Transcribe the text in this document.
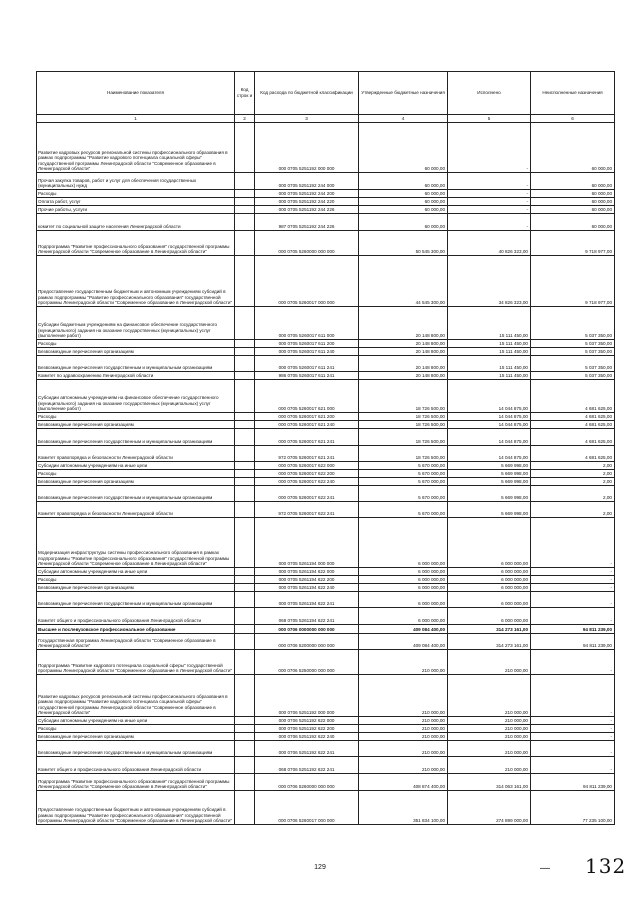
Наименование показателя	Код строк и	Код расхода по бюджетной классификации	Утвержденные бюджетные назначения	Исполнено	Неисполненные назначения
1	2	3	4	5	6
Развитие кадровых ресурсов региональной системы профессионального образования в рамках подпрограммы "Развитие кадрового потенциала социальной сферы" государственной программы Ленинградской области "Современное образование в Ленинградской области"		000 0705 5251192 000 000	60 000,00	-	60 000,00
Прочая закупка товаров, работ и услуг для обеспечения государственных (муниципальных) нужд		000 0705 5251192 244 000	60 000,00	-	60 000,00
Расходы		000 0705 5251192 244 200	60 000,00	-	60 000,00
Оплата работ, услуг		000 0705 5251192 244 220	60 000,00	-	60 000,00
Прочие работы, услуги		000 0705 5251192 244 226	60 000,00	-	60 000,00
комитет по социальной защите населения Ленинградской области		987 0705 5251192 244 226	60 000,00	-	60 000,00
Подпрограмма "Развитие профессионального образования" государственной программы Ленинградской области "Современное образование в Ленинградской области"		000 0705 5260000 000 000	50 545 300,00	40 826 323,00	9 718 977,00
Предоставление государственным бюджетным и автономным учреждениям субсидий в рамках подпрограммы "Развитие профессионального образования" государственной программы Ленинградской области "Современное образование в Ленинградской области"		000 0705 5260017 000 000	44 545 300,00	34 826 323,00	9 718 977,00
Субсидии бюджетным учреждениям на финансовое обеспечение государственного (муниципального) задания на оказание государственных (муниципальных) услуг (выполнение работ)		000 0705 5260017 611 000	20 148 800,00	15 111 450,00	5 037 350,00
Расходы		000 0705 5260017 611 200	20 148 800,00	15 111 450,00	5 037 350,00
Безвозмездные перечисления организациям		000 0705 5260017 611 240	20 148 800,00	15 111 450,00	5 037 350,00
Безвозмездные перечисления государственным и муниципальным организациям		000 0705 5260017 611 241	20 148 800,00	15 111 450,00	5 037 350,00
Комитет по здравоохранению Ленинградской области		986 0705 5260017 611 241	20 148 800,00	15 111 450,00	5 037 350,00
Субсидии автономным учреждениям на финансовое обеспечение государственного (муниципального) задания на оказание государственных (муниципальных) услуг (выполнение работ)		000 0705 5260017 621 000	18 726 500,00	14 044 875,00	4 681 625,00
Расходы		000 0705 5260017 621 200	18 726 500,00	14 044 875,00	4 681 625,00
Безвозмездные перечисления организациям		000 0705 5260017 621 240	18 726 500,00	14 044 875,00	4 681 625,00
Безвозмездные перечисления государственным и муниципальным организациям		000 0705 5260017 621 241	18 726 500,00	14 044 875,00	4 681 625,00
Комитет правопорядка и безопасности Ленинградской области		972 0705 5260017 621 241	18 726 500,00	14 044 875,00	4 681 625,00
Субсидии автономным учреждениям на иные цели		000 0705 5260017 622 000	5 670 000,00	5 669 998,00	2,00
Расходы		000 0705 5260017 622 200	5 670 000,00	5 669 998,00	2,00
Безвозмездные перечисления организациям		000 0705 5260017 622 240	5 670 000,00	5 669 998,00	2,00
Безвозмездные перечисления государственным и муниципальным организациям		000 0705 5260017 622 241	5 670 000,00	5 669 998,00	2,00
Комитет правопорядка и безопасности Ленинградской области		972 0705 5260017 622 241	5 670 000,00	5 669 998,00	2,00
Модернизация инфраструктуры системы профессионального образования в рамках подпрограммы "Развитие профессионального образования" государственной программы Ленинградской области "Современное образование в Ленинградской области"		000 0705 5261194 000 000	6 000 000,00	6 000 000,00	-
Субсидии автономным учреждениям на иные цели		000 0705 5261194 622 000	6 000 000,00	6 000 000,00	-
Расходы		000 0705 5261194 622 200	6 000 000,00	6 000 000,00	-
Безвозмездные перечисления организациям		000 0705 5261194 622 240	6 000 000,00	6 000 000,00	-
Безвозмездные перечисления государственным и муниципальным организациям		000 0705 5261194 622 241	6 000 000,00	6 000 000,00	-
Комитет общего и профессионального образования Ленинградской области		068 0705 5261194 622 241	6 000 000,00	6 000 000,00	-
Высшее и послевузовское профессиональное образование		000 0706 0000000 000 000	409 084 400,00	314 273 161,00	94 811 239,00
Государственная программа Ленинградской области "Современное образование в Ленинградской области"		000 0706 5200000 000 000	409 084 400,00	314 273 161,00	94 811 239,00
Подпрограмма "Развитие кадрового потенциала социальной сферы" государственной программы Ленинградской области "Современное образование в Ленинградской области"		000 0706 5250000 000 000	210 000,00	210 000,00	-
Развитие кадровых ресурсов региональной системы профессионального образования в рамках подпрограммы "Развитие кадрового потенциала социальной сферы" государственной программы Ленинградской области "Современное образование в Ленинградской области"		000 0706 5251192 000 000	210 000,00	210 000,00	-
Субсидии автономным учреждениям на иные цели		000 0706 5251192 622 000	210 000,00	210 000,00	-
Расходы		000 0706 5251192 622 200	210 000,00	210 000,00	-
Безвозмездные перечисления организациям		000 0706 5251192 622 240	210 000,00	210 000,00	-
Безвозмездные перечисления государственным и муниципальным организациям		000 0706 5251192 622 241	210 000,00	210 000,00	-
Комитет общего и профессионального образования Ленинградской области		068 0706 5251192 622 241	210 000,00	210 000,00	-
Подпрограмма "Развитие профессионального образования" государственной программы Ленинградской области "Современное образование в Ленинградской области"		000 0706 5260000 000 000	408 874 400,00	314 063 161,00	94 811 239,00
Предоставление государственным бюджетным и автономным учреждениям субсидий в рамках подпрограммы "Развитие профессионального образования" государственной программы Ленинградской области "Современное образование в Ленинградской области"		000 0706 5260017 000 000	351 834 100,00	274 899 000,00	77 235 100,00
129	— 132
